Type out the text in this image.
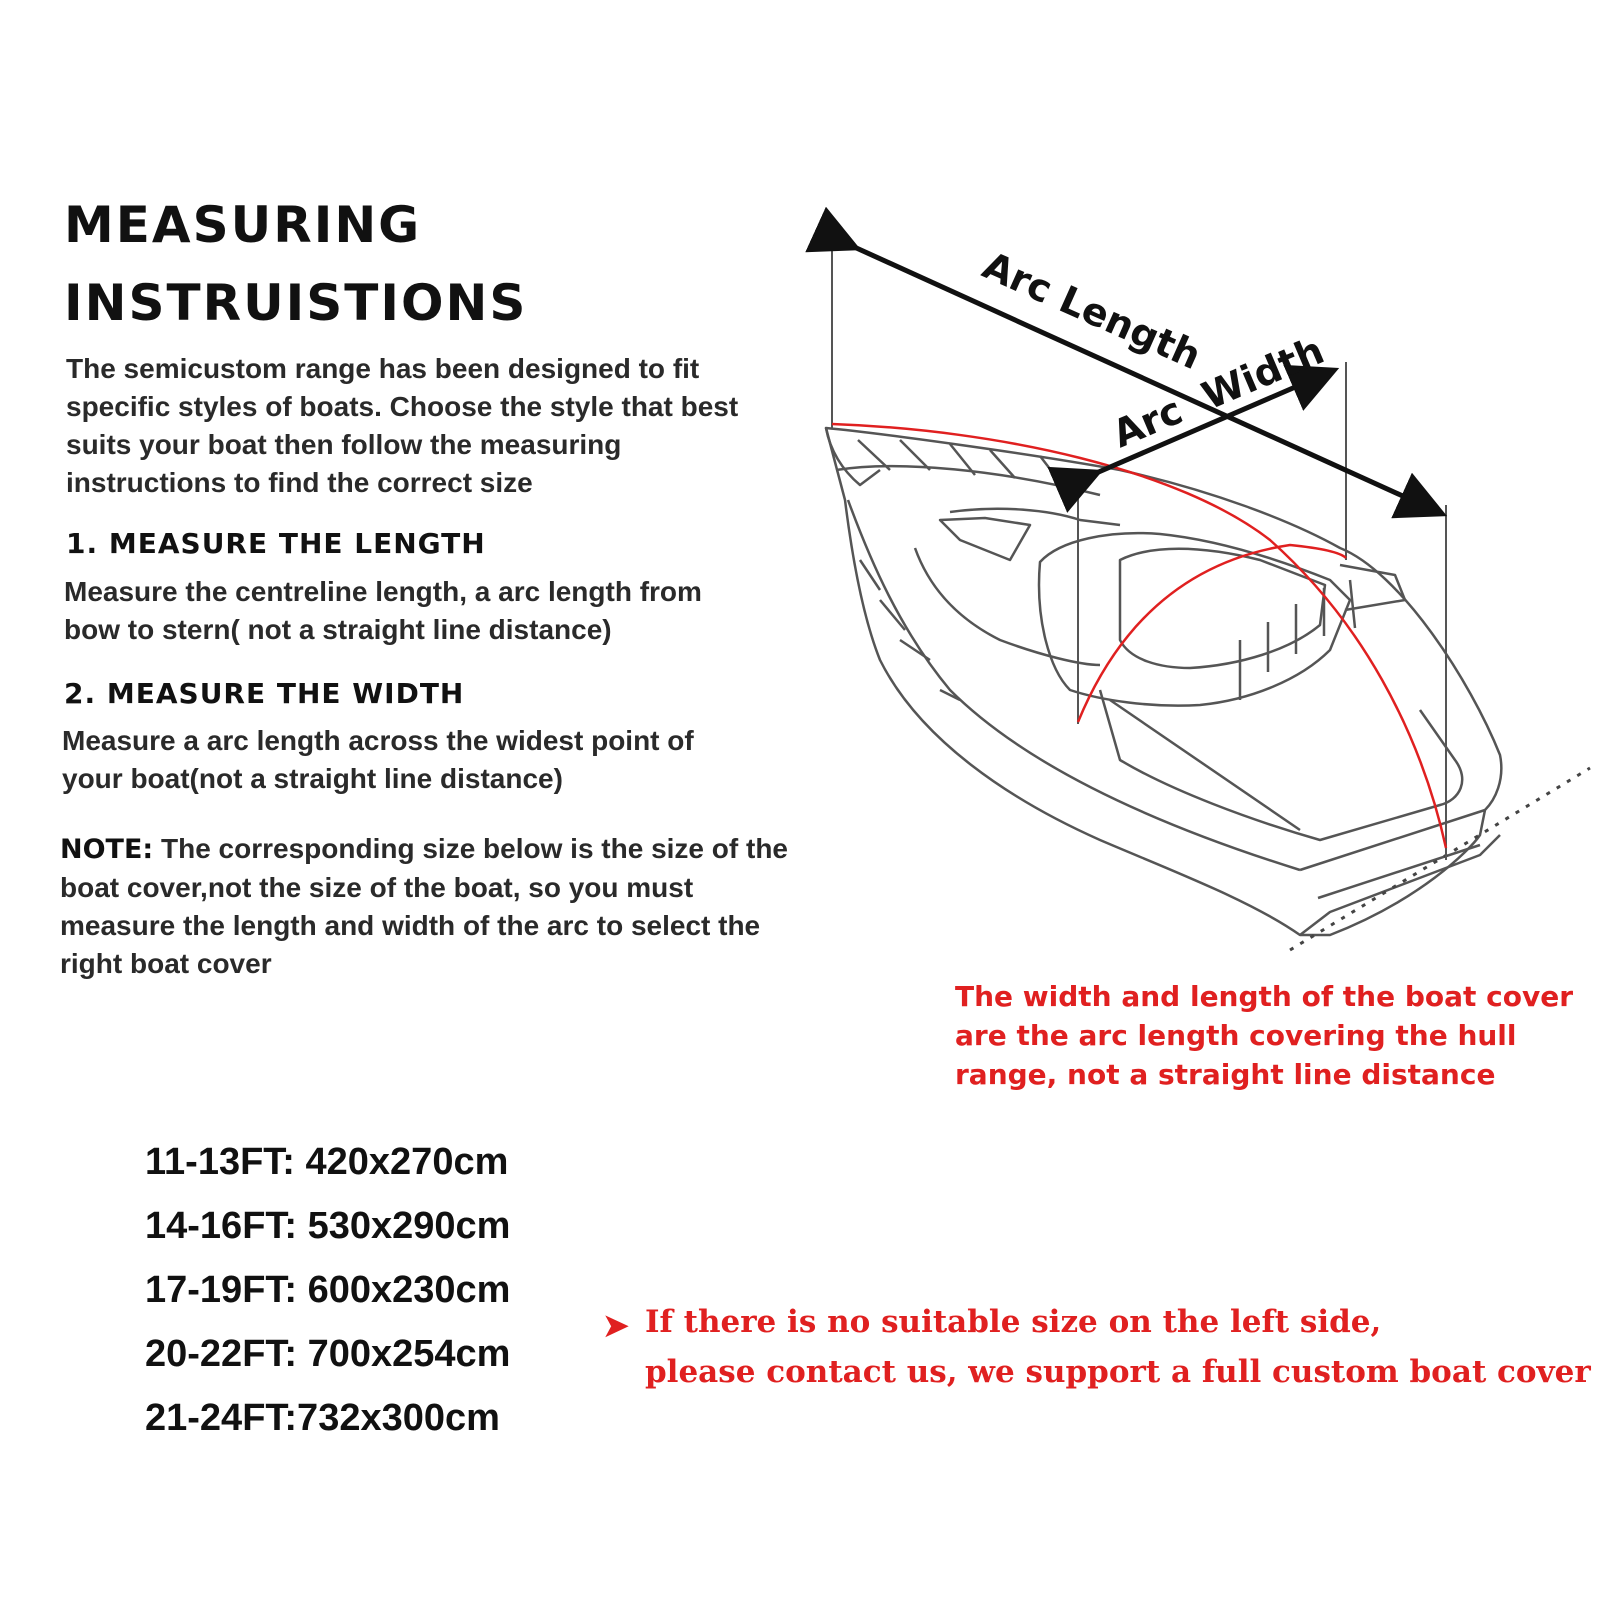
MEASURING
INSTRUISTIONS
The semicustom range has been designed to fit specific styles of boats. Choose the style that best suits your boat then follow the measuring instructions to find the correct size
1. MEASURE THE LENGTH
Measure the centreline length, a arc length from bow to stern( not a straight line distance)
2. MEASURE THE WIDTH
Measure a arc length across the widest point of your boat(not a straight line distance)
NOTE: The corresponding size below is the size of the boat cover,not the size of the boat, so you must measure the length and width of the arc to select the right boat cover
Arc Length
Arc  Width
The width and length of the boat cover are the arc length covering the hull range, not a straight line distance
11-13FT: 420x270cm
14-16FT: 530x290cm
17-19FT: 600x230cm
20-22FT: 700x254cm
21-24FT:732x300cm
➤ If there is no suitable size on the left side,
please contact us, we support a full custom boat cover
